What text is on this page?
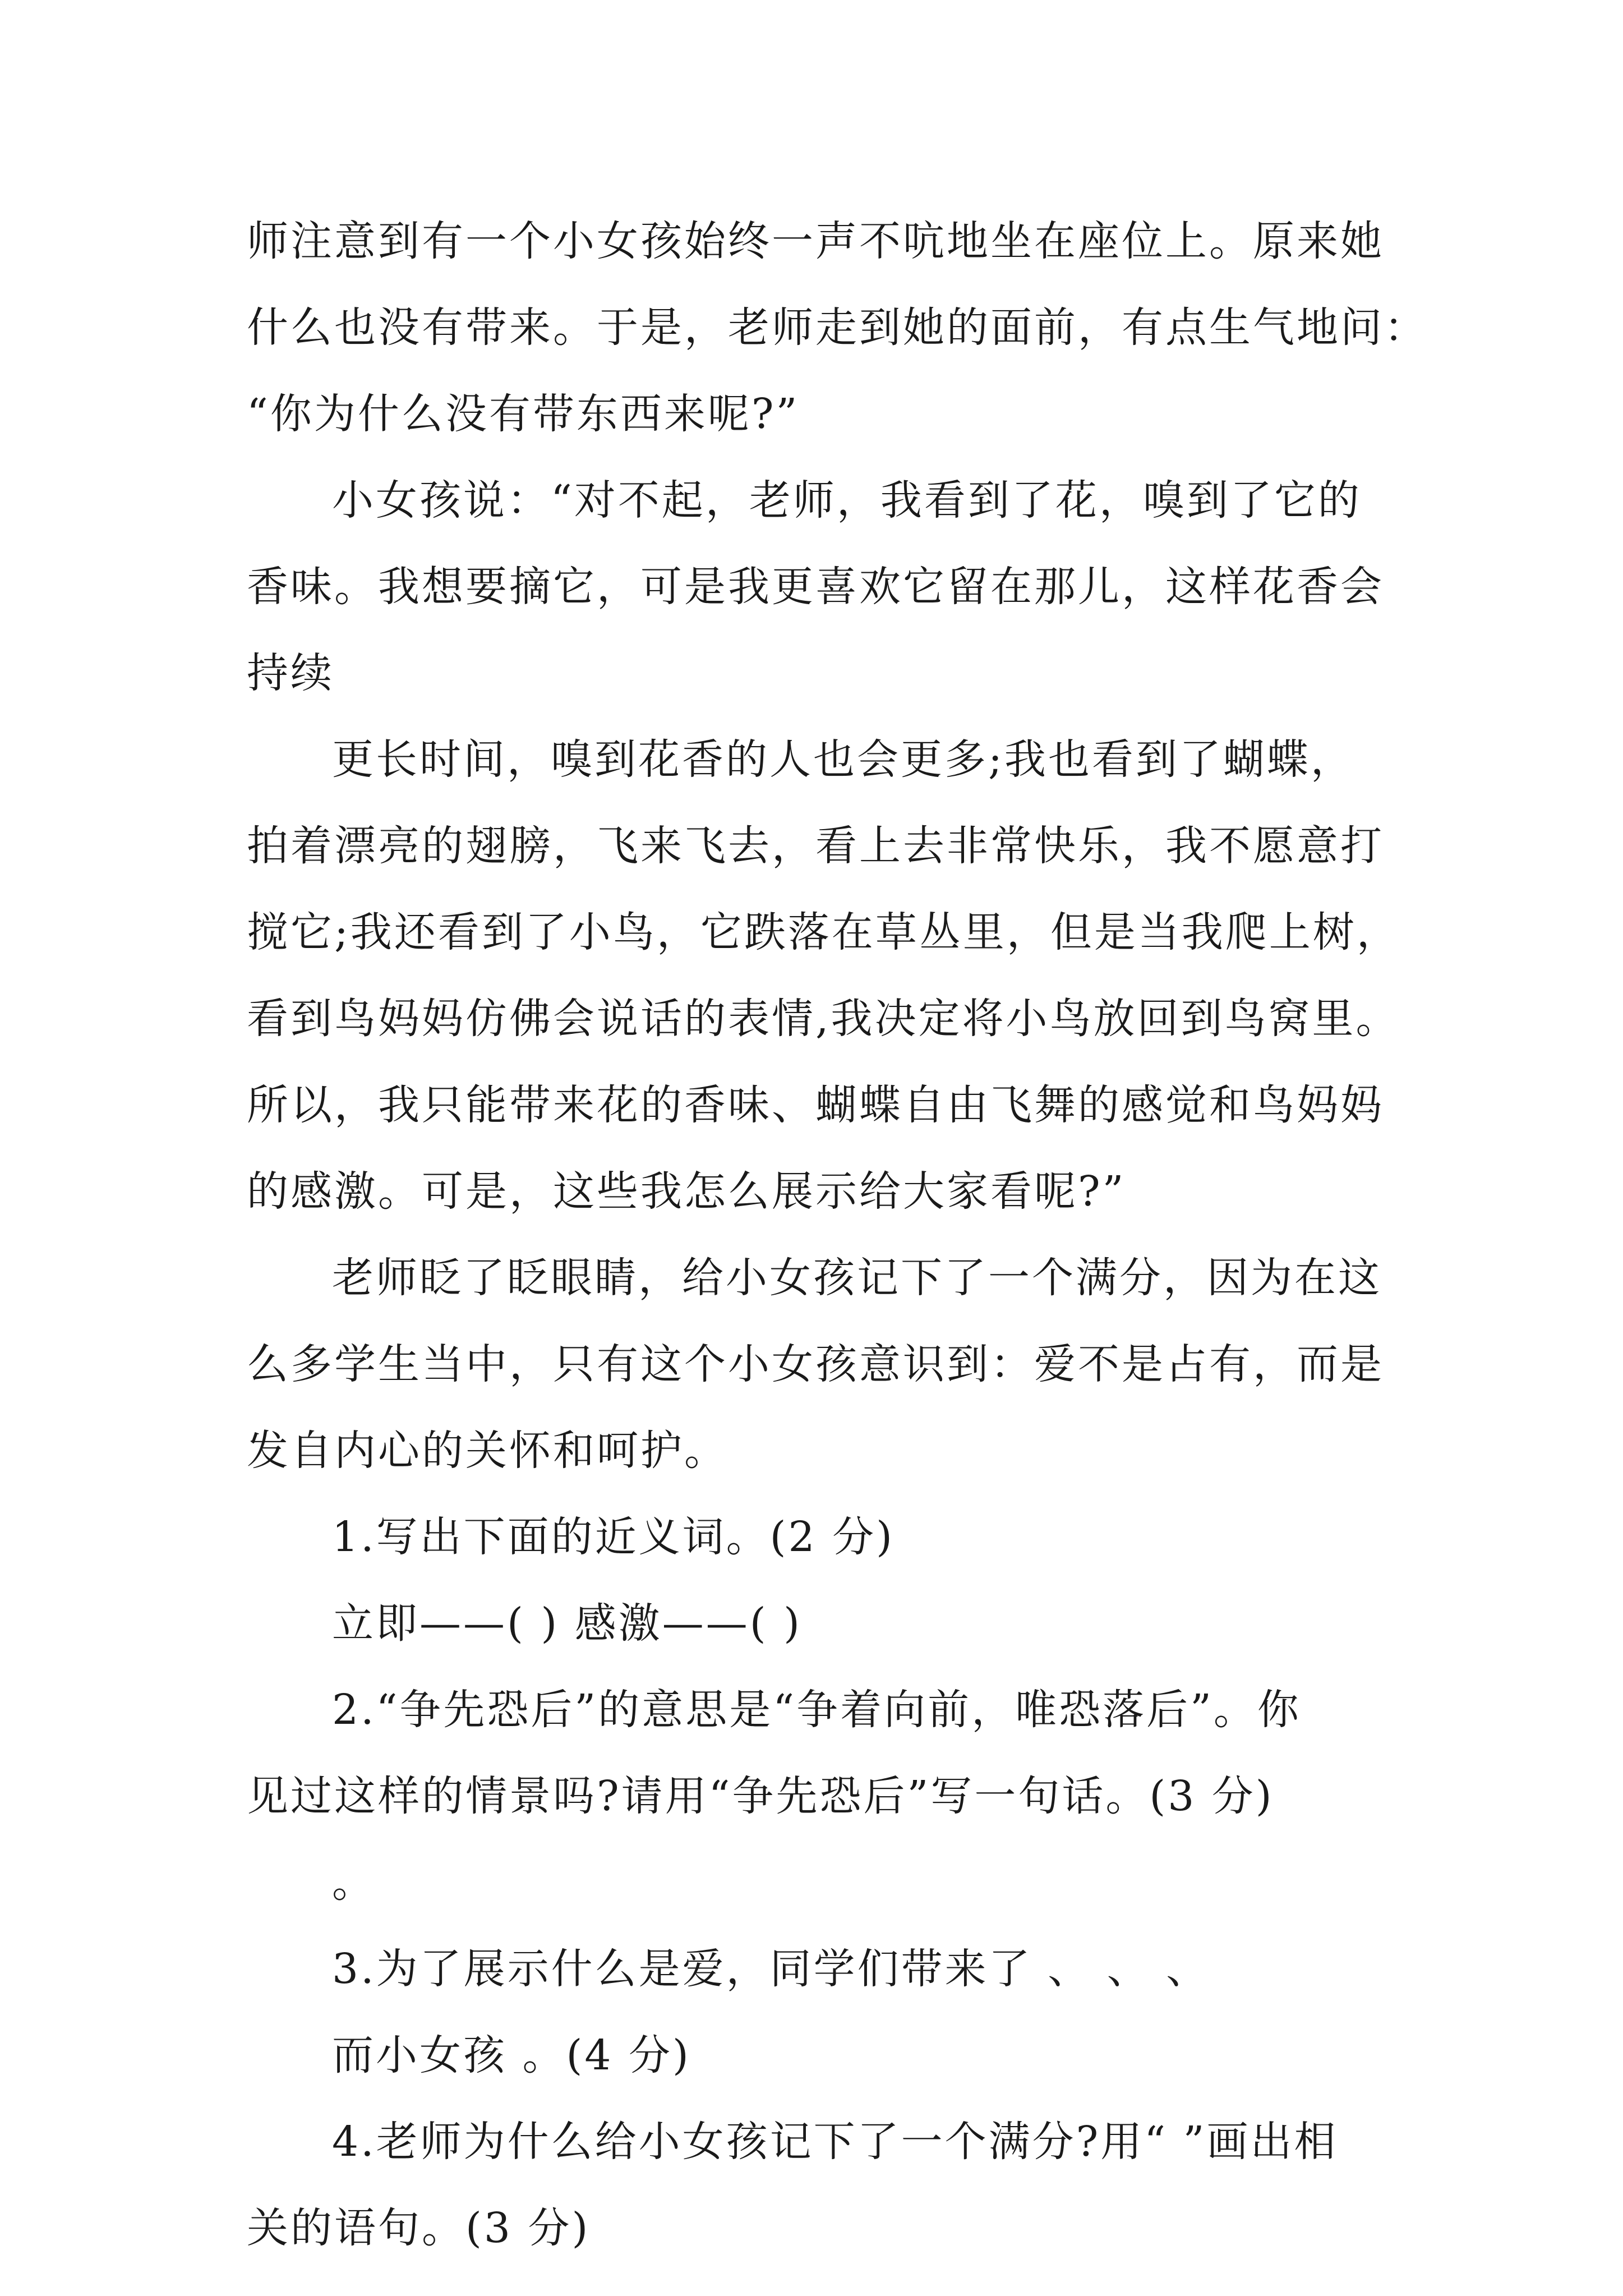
师注意到有一个小女孩始终一声不吭地坐在座位上。原来她
什么也没有带来。于是，老师走到她的面前，有点生气地问：
“你为什么没有带东西来呢?”
小女孩说：“对不起，老师，我看到了花，嗅到了它的
香味。我想要摘它，可是我更喜欢它留在那儿，这样花香会
持续
更长时间，嗅到花香的人也会更多;我也看到了蝴蝶，
拍着漂亮的翅膀，飞来飞去，看上去非常快乐，我不愿意打
搅它;我还看到了小鸟，它跌落在草丛里，但是当我爬上树，
看到鸟妈妈仿佛会说话的表情,我决定将小鸟放回到鸟窝里。
所以，我只能带来花的香味、蝴蝶自由飞舞的感觉和鸟妈妈
的感激。可是，这些我怎么展示给大家看呢?”
老师眨了眨眼睛，给小女孩记下了一个满分，因为在这
么多学生当中，只有这个小女孩意识到：爱不是占有，而是
发自内心的关怀和呵护。
1.写出下面的近义词。(2 分)
立即——( ) 感激——( )
2.“争先恐后”的意思是“争着向前，唯恐落后”。你
见过这样的情景吗?请用“争先恐后”写一句话。(3 分)
。
3.为了展示什么是爱，同学们带来了 、 、 、
而小女孩 。(4 分)
4.老师为什么给小女孩记下了一个满分?用“ ”画出相
关的语句。(3 分)
